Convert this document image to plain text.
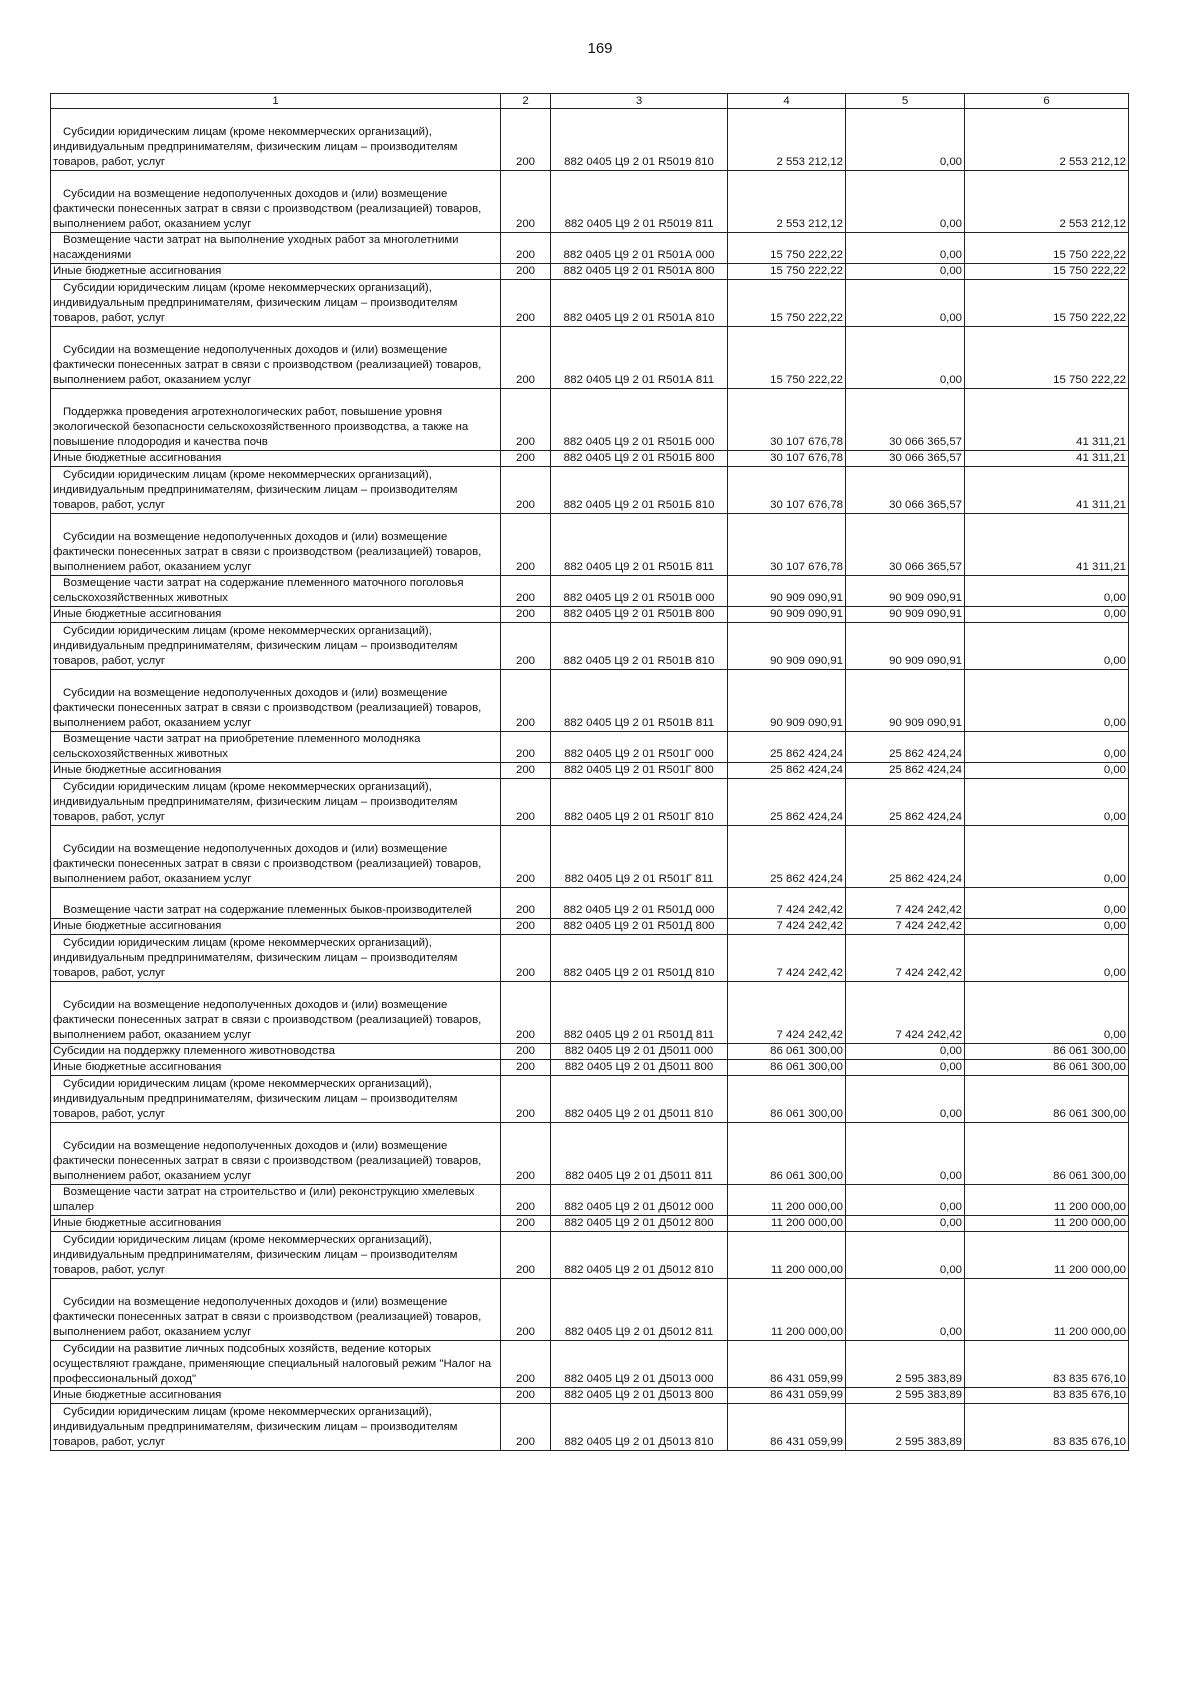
169
1	2	3	4	5	6

Субсидии юридическим лицам (кроме некоммерческих организаций), индивидуальным предпринимателям, физическим лицам – производителям товаров, работ, услуг	200	882 0405 Ц9 2 01 R5019 810	2 553 212,12	0,00	2 553 212,12

Субсидии на возмещение недополученных доходов и (или) возмещение фактически понесенных затрат в связи с производством (реализацией) товаров, выполнением работ, оказанием услуг	200	882 0405 Ц9 2 01 R5019 811	2 553 212,12	0,00	2 553 212,12

Возмещение части затрат на выполнение уходных работ за многолетними насаждениями	200	882 0405 Ц9 2 01 R501А 000	15 750 222,22	0,00	15 750 222,22

Иные бюджетные ассигнования	200	882 0405 Ц9 2 01 R501А 800	15 750 222,22	0,00	15 750 222,22

Субсидии юридическим лицам (кроме некоммерческих организаций), индивидуальным предпринимателям, физическим лицам – производителям товаров, работ, услуг	200	882 0405 Ц9 2 01 R501А 810	15 750 222,22	0,00	15 750 222,22

Субсидии на возмещение недополученных доходов и (или) возмещение фактически понесенных затрат в связи с производством (реализацией) товаров, выполнением работ, оказанием услуг	200	882 0405 Ц9 2 01 R501А 811	15 750 222,22	0,00	15 750 222,22

Поддержка проведения агротехнологических работ, повышение уровня экологической безопасности сельскохозяйственного производства, а также на повышение плодородия и качества почв	200	882 0405 Ц9 2 01 R501Б 000	30 107 676,78	30 066 365,57	41 311,21

Иные бюджетные ассигнования	200	882 0405 Ц9 2 01 R501Б 800	30 107 676,78	30 066 365,57	41 311,21

Субсидии юридическим лицам (кроме некоммерческих организаций), индивидуальным предпринимателям, физическим лицам – производителям товаров, работ, услуг	200	882 0405 Ц9 2 01 R501Б 810	30 107 676,78	30 066 365,57	41 311,21

Субсидии на возмещение недополученных доходов и (или) возмещение фактически понесенных затрат в связи с производством (реализацией) товаров, выполнением работ, оказанием услуг	200	882 0405 Ц9 2 01 R501Б 811	30 107 676,78	30 066 365,57	41 311,21

Возмещение части затрат на содержание племенного маточного поголовья сельскохозяйственных животных	200	882 0405 Ц9 2 01 R501В 000	90 909 090,91	90 909 090,91	0,00

Иные бюджетные ассигнования	200	882 0405 Ц9 2 01 R501В 800	90 909 090,91	90 909 090,91	0,00

Субсидии юридическим лицам (кроме некоммерческих организаций), индивидуальным предпринимателям, физическим лицам – производителям товаров, работ, услуг	200	882 0405 Ц9 2 01 R501В 810	90 909 090,91	90 909 090,91	0,00

Субсидии на возмещение недополученных доходов и (или) возмещение фактически понесенных затрат в связи с производством (реализацией) товаров, выполнением работ, оказанием услуг	200	882 0405 Ц9 2 01 R501В 811	90 909 090,91	90 909 090,91	0,00

Возмещение части затрат на приобретение племенного молодняка сельскохозяйственных животных	200	882 0405 Ц9 2 01 R501Г 000	25 862 424,24	25 862 424,24	0,00

Иные бюджетные ассигнования	200	882 0405 Ц9 2 01 R501Г 800	25 862 424,24	25 862 424,24	0,00

Субсидии юридическим лицам (кроме некоммерческих организаций), индивидуальным предпринимателям, физическим лицам – производителям товаров, работ, услуг	200	882 0405 Ц9 2 01 R501Г 810	25 862 424,24	25 862 424,24	0,00

Субсидии на возмещение недополученных доходов и (или) возмещение фактически понесенных затрат в связи с производством (реализацией) товаров, выполнением работ, оказанием услуг	200	882 0405 Ц9 2 01 R501Г 811	25 862 424,24	25 862 424,24	0,00

Возмещение части затрат на содержание племенных быков-производителей	200	882 0405 Ц9 2 01 R501Д 000	7 424 242,42	7 424 242,42	0,00

Иные бюджетные ассигнования	200	882 0405 Ц9 2 01 R501Д 800	7 424 242,42	7 424 242,42	0,00

Субсидии юридическим лицам (кроме некоммерческих организаций), индивидуальным предпринимателям, физическим лицам – производителям товаров, работ, услуг	200	882 0405 Ц9 2 01 R501Д 810	7 424 242,42	7 424 242,42	0,00

Субсидии на возмещение недополученных доходов и (или) возмещение фактически понесенных затрат в связи с производством (реализацией) товаров, выполнением работ, оказанием услуг	200	882 0405 Ц9 2 01 R501Д 811	7 424 242,42	7 424 242,42	0,00

Субсидии на поддержку племенного животноводства	200	882 0405 Ц9 2 01 Д5011 000	86 061 300,00	0,00	86 061 300,00

Иные бюджетные ассигнования	200	882 0405 Ц9 2 01 Д5011 800	86 061 300,00	0,00	86 061 300,00

Субсидии юридическим лицам (кроме некоммерческих организаций), индивидуальным предпринимателям, физическим лицам – производителям товаров, работ, услуг	200	882 0405 Ц9 2 01 Д5011 810	86 061 300,00	0,00	86 061 300,00

Субсидии на возмещение недополученных доходов и (или) возмещение фактически понесенных затрат в связи с производством (реализацией) товаров, выполнением работ, оказанием услуг	200	882 0405 Ц9 2 01 Д5011 811	86 061 300,00	0,00	86 061 300,00

Возмещение части затрат на строительство и (или) реконструкцию хмелевых шпалер	200	882 0405 Ц9 2 01 Д5012 000	11 200 000,00	0,00	11 200 000,00

Иные бюджетные ассигнования	200	882 0405 Ц9 2 01 Д5012 800	11 200 000,00	0,00	11 200 000,00

Субсидии юридическим лицам (кроме некоммерческих организаций), индивидуальным предпринимателям, физическим лицам – производителям товаров, работ, услуг	200	882 0405 Ц9 2 01 Д5012 810	11 200 000,00	0,00	11 200 000,00

Субсидии на возмещение недополученных доходов и (или) возмещение фактически понесенных затрат в связи с производством (реализацией) товаров, выполнением работ, оказанием услуг	200	882 0405 Ц9 2 01 Д5012 811	11 200 000,00	0,00	11 200 000,00

Субсидии на развитие личных подсобных хозяйств, ведение которых осуществляют граждане, применяющие специальный налоговый режим "Налог на профессиональный доход"	200	882 0405 Ц9 2 01 Д5013 000	86 431 059,99	2 595 383,89	83 835 676,10

Иные бюджетные ассигнования	200	882 0405 Ц9 2 01 Д5013 800	86 431 059,99	2 595 383,89	83 835 676,10

Субсидии юридическим лицам (кроме некоммерческих организаций), индивидуальным предпринимателям, физическим лицам – производителям товаров, работ, услуг	200	882 0405 Ц9 2 01 Д5013 810	86 431 059,99	2 595 383,89	83 835 676,10
